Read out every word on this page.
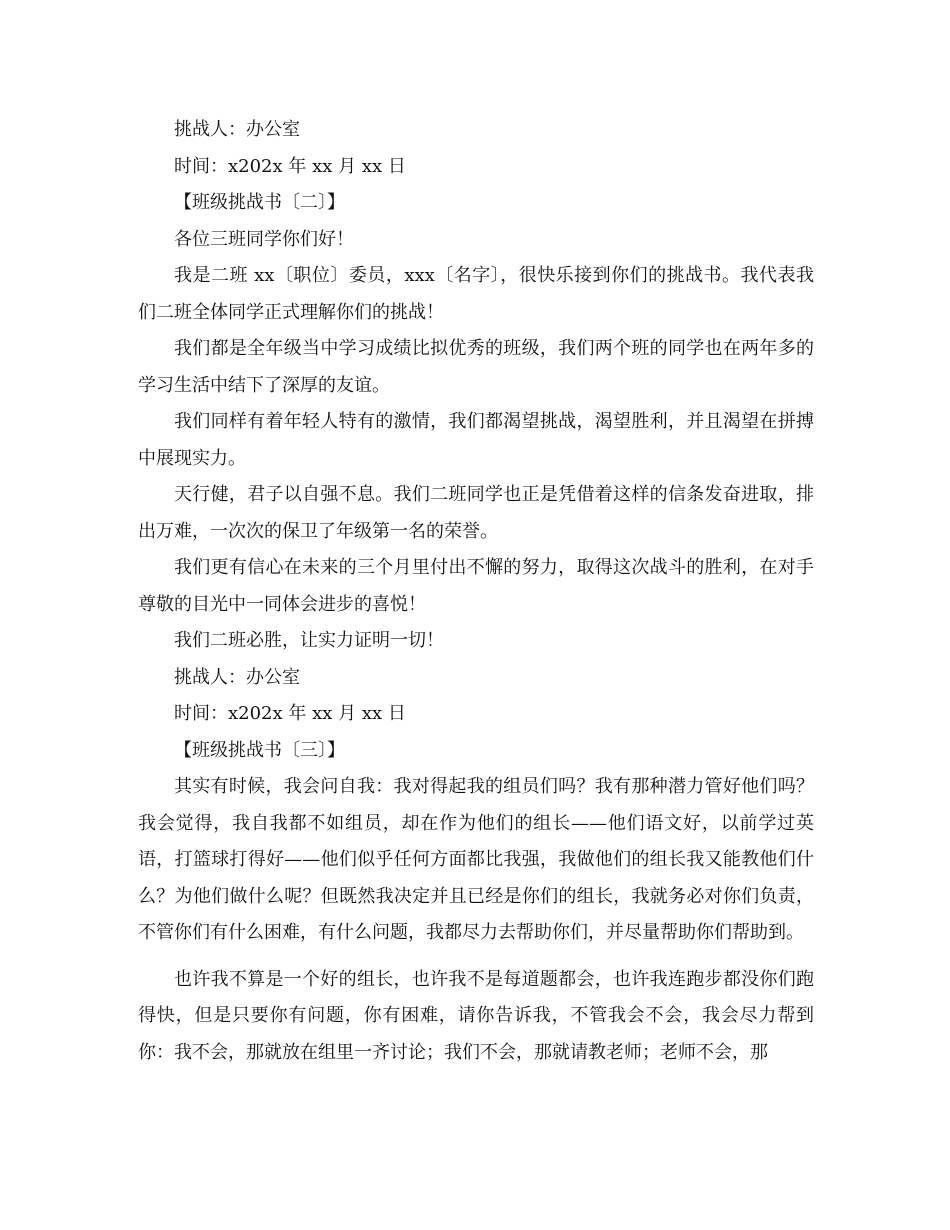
挑战人：办公室
时间：x202x 年 xx 月 xx 日
【班级挑战书〔二〕】
各位三班同学你们好！

我是二班 xx〔职位〕委员，xxx〔名字〕，很快乐接到你们的挑战书。我代表我们二班全体同学正式理解你们的挑战！

我们都是全年级当中学习成绩比拟优秀的班级，我们两个班的同学也在两年多的学习生活中结下了深厚的友谊。

我们同样有着年轻人特有的激情，我们都渴望挑战，渴望胜利，并且渴望在拼搏中展现实力。

天行健，君子以自强不息。我们二班同学也正是凭借着这样的信条发奋进取，排出万难，一次次的保卫了年级第一名的荣誉。

我们更有信心在未来的三个月里付出不懈的努力，取得这次战斗的胜利，在对手尊敬的目光中一同体会进步的喜悦！

我们二班必胜，让实力证明一切！
挑战人：办公室
时间：x202x 年 xx 月 xx 日
【班级挑战书〔三〕】

其实有时候，我会问自我：我对得起我的组员们吗？我有那种潜力管好他们吗？我会觉得，我自我都不如组员，却在作为他们的组长——他们语文好，以前学过英语，打篮球打得好——他们似乎任何方面都比我强，我做他们的组长我又能教他们什么？为他们做什么呢？但既然我决定并且已经是你们的组长，我就务必对你们负责，不管你们有什么困难，有什么问题，我都尽力去帮助你们，并尽量帮助你们帮助到。

也许我不算是一个好的组长，也许我不是每道题都会，也许我连跑步都没你们跑得快，但是只要你有问题，你有困难，请你告诉我，不管我会不会，我会尽力帮到你：我不会，那就放在组里一齐讨论；我们不会，那就请教老师；老师不会，那
